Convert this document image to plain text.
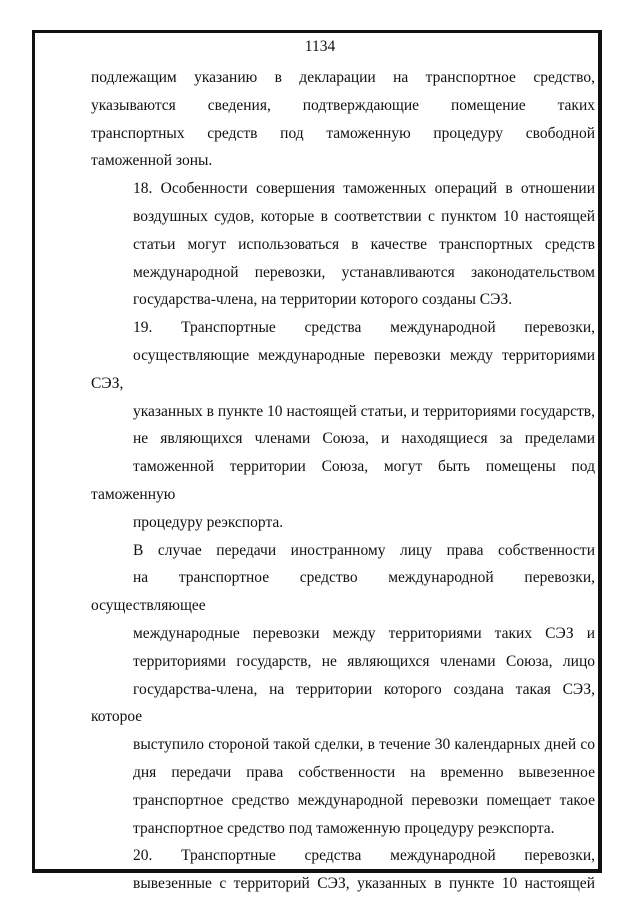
1134

подлежащим указанию в декларации на транспортное средство,
указываются сведения, подтверждающие помещение таких
транспортных средств под таможенную процедуру свободной
таможенной зоны.

18. Особенности совершения таможенных операций в отношении
воздушных судов, которые в соответствии с пунктом 10 настоящей
статьи могут использоваться в качестве транспортных средств
международной перевозки, устанавливаются законодательством
государства-члена, на территории которого созданы СЭЗ.

19. Транспортные средства международной перевозки,
осуществляющие международные перевозки между территориями СЭЗ,
указанных в пункте 10 настоящей статьи, и территориями государств,
не являющихся членами Союза, и находящиеся за пределами
таможенной территории Союза, могут быть помещены под таможенную
процедуру реэкспорта.

В случае передачи иностранному лицу права собственности
на транспортное средство международной перевозки, осуществляющее
международные перевозки между территориями таких СЭЗ и
территориями государств, не являющихся членами Союза, лицо
государства-члена, на территории которого создана такая СЭЗ, которое
выступило стороной такой сделки, в течение 30 календарных дней со
дня передачи права собственности на временно вывезенное
транспортное средство международной перевозки помещает такое
транспортное средство под таможенную процедуру реэкспорта.

20. Транспортные средства международной перевозки,
вывезенные с территорий СЭЗ, указанных в пункте 10 настоящей
